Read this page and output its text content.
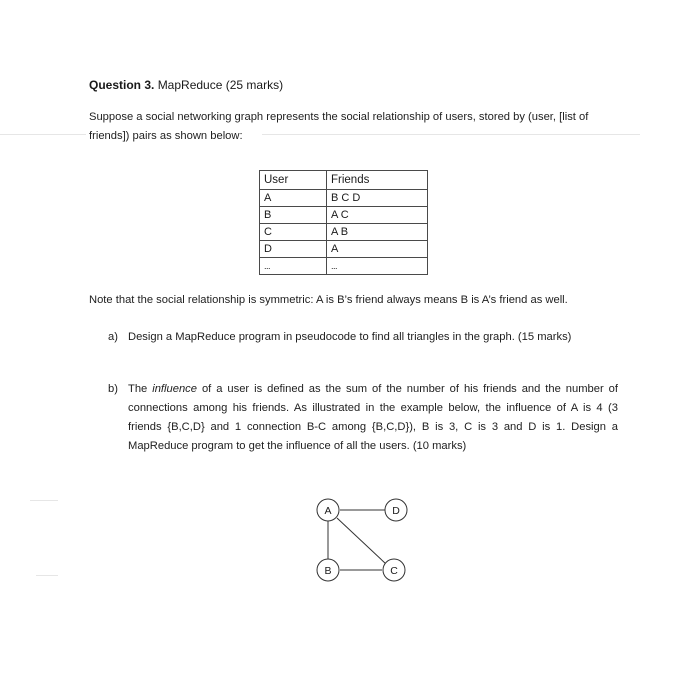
Question 3. MapReduce (25 marks)
Suppose a social networking graph represents the social relationship of users, stored by (user, [list of friends]) pairs as shown below:
User	Friends
A	B C D
B	A C
C	A B
D	A
...	...
Note that the social relationship is symmetric: A is B’s friend always means B is A’s friend as well.
a) Design a MapReduce program in pseudocode to find all triangles in the graph. (15 marks)
b) The influence of a user is defined as the sum of the number of his friends and the number of connections among his friends. As illustrated in the example below, the influence of A is 4 (3 friends {B,C,D} and 1 connection B-C among {B,C,D}), B is 3, C is 3 and D is 1. Design a MapReduce program to get the influence of all the users. (10 marks)
A	D
B	C
